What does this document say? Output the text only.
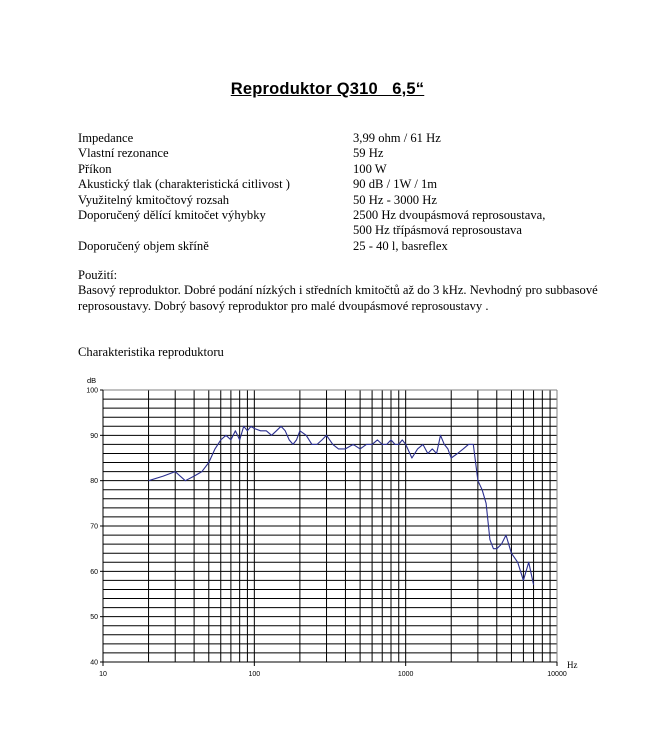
Reproduktor Q310   6,5“
Impedance	3,99 ohm / 61 Hz
Vlastní rezonance	59 Hz
Příkon	100 W
Akustický tlak (charakteristická citlivost )	90 dB / 1W / 1m
Využitelný kmitočtový rozsah	50 Hz - 3000 Hz
Doporučený dělící kmitočet výhybky	2500 Hz dvoupásmová reprosoustava,
500 Hz třípásmová reprosoustava
Doporučený objem skříně	25 - 40 l, basreflex
Použití:
Basový reproduktor. Dobré podání nízkých i středních kmitočtů až do 3 kHz. Nevhodný pro subbasové reprosoustavy. Dobrý basový reproduktor pro malé dvoupásmové reprosoustavy .
Charakteristika reproduktoru
40
50
60
70
80
90
100
10	100	1000	10000
dB
Hz
